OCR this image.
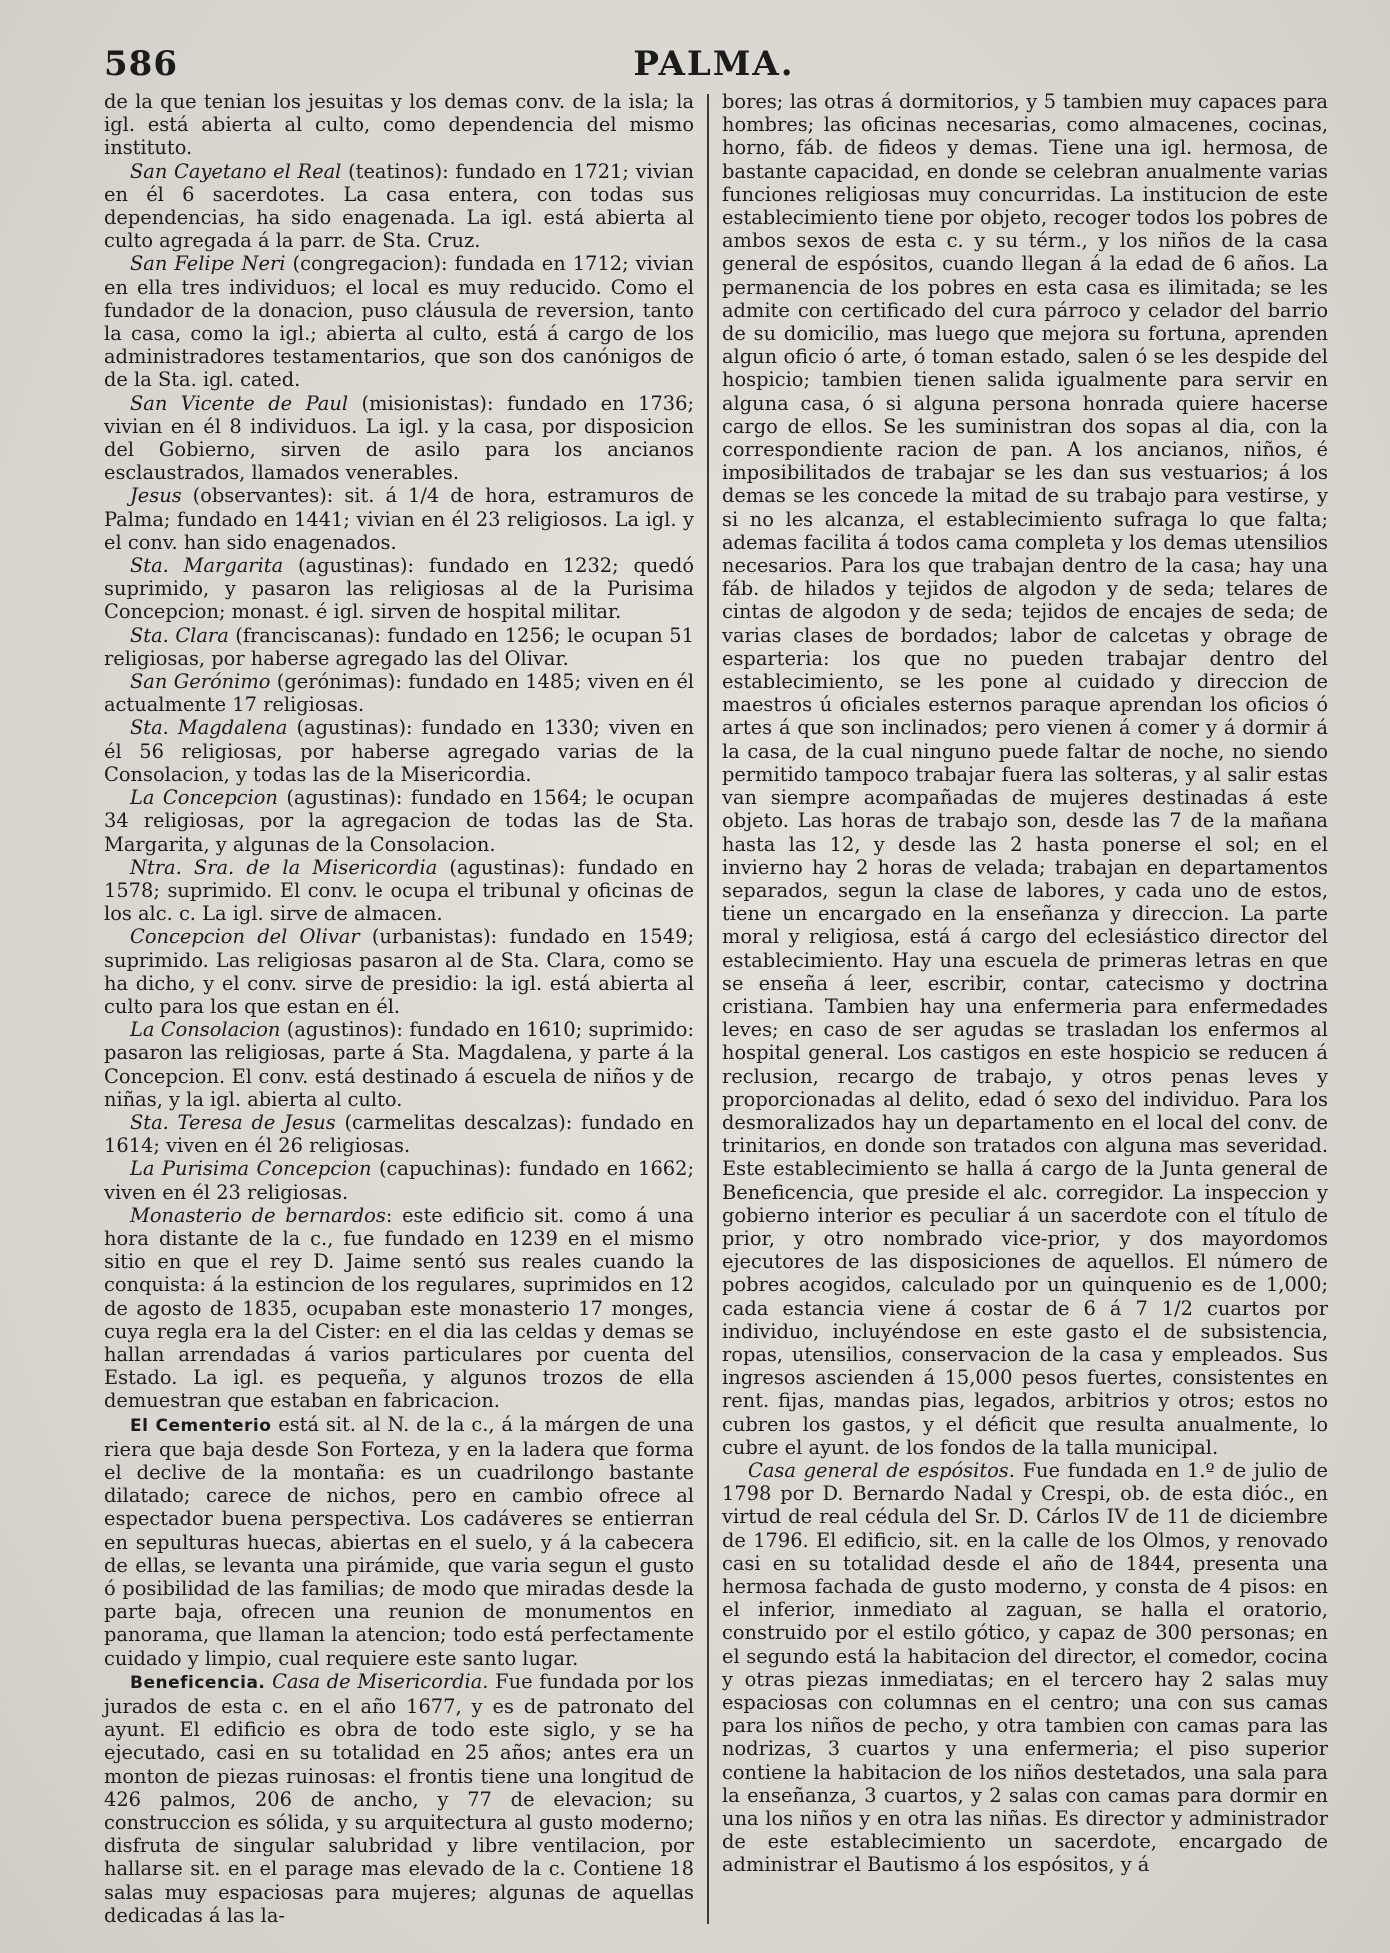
586	PALMA.

de la que tenian los jesuitas y los demas conv. de la isla; la igl. está abierta al culto, como dependencia del mismo instituto.

San Cayetano el Real (teatinos): fundado en 1721; vivian en él 6 sacerdotes. La casa entera, con todas sus dependencias, ha sido enagenada. La igl. está abierta al culto agregada á la parr. de Sta. Cruz.

San Felipe Neri (congregacion): fundada en 1712; vivian en ella tres individuos; el local es muy reducido. Como el fundador de la donacion, puso cláusula de reversion, tanto la casa, como la igl.; abierta al culto, está á cargo de los administradores testamentarios, que son dos canónigos de de la Sta. igl. cated.

San Vicente de Paul (misionistas): fundado en 1736; vivian en él 8 individuos. La igl. y la casa, por disposicion del Gobierno, sirven de asilo para los ancianos esclaustrados, llamados venerables.

Jesus (observantes): sit. á 1/4 de hora, estramuros de Palma; fundado en 1441; vivian en él 23 religiosos. La igl. y el conv. han sido enagenados.

Sta. Margarita (agustinas): fundado en 1232; quedó suprimido, y pasaron las religiosas al de la Purisima Concepcion; monast. é igl. sirven de hospital militar.

Sta. Clara (franciscanas): fundado en 1256; le ocupan 51 religiosas, por haberse agregado las del Olivar.

San Gerónimo (gerónimas): fundado en 1485; viven en él actualmente 17 religiosas.

Sta. Magdalena (agustinas): fundado en 1330; viven en él 56 religiosas, por haberse agregado varias de la Consolacion, y todas las de la Misericordia.

La Concepcion (agustinas): fundado en 1564; le ocupan 34 religiosas, por la agregacion de todas las de Sta. Margarita, y algunas de la Consolacion.

Ntra. Sra. de la Misericordia (agustinas): fundado en 1578; suprimido. El conv. le ocupa el tribunal y oficinas de los alc. c. La igl. sirve de almacen.

Concepcion del Olivar (urbanistas): fundado en 1549; suprimido. Las religiosas pasaron al de Sta. Clara, como se ha dicho, y el conv. sirve de presidio: la igl. está abierta al culto para los que estan en él.

La Consolacion (agustinos): fundado en 1610; suprimido: pasaron las religiosas, parte á Sta. Magdalena, y parte á la Concepcion. El conv. está destinado á escuela de niños y de niñas, y la igl. abierta al culto.

Sta. Teresa de Jesus (carmelitas descalzas): fundado en 1614; viven en él 26 religiosas.

La Purisima Concepcion (capuchinas): fundado en 1662; viven en él 23 religiosas.

Monasterio de bernardos: este edificio sit. como á una hora distante de la c., fue fundado en 1239 en el mismo sitio en que el rey D. Jaime sentó sus reales cuando la conquista: á la estincion de los regulares, suprimidos en 12 de agosto de 1835, ocupaban este monasterio 17 monges, cuya regla era la del Cister: en el dia las celdas y demas se hallan arrendadas á varios particulares por cuenta del Estado. La igl. es pequeña, y algunos trozos de ella demuestran que estaban en fabricacion.

El Cementerio está sit. al N. de la c., á la márgen de una riera que baja desde Son Forteza, y en la ladera que forma el declive de la montaña: es un cuadrilongo bastante dilatado; carece de nichos, pero en cambio ofrece al espectador buena perspectiva. Los cadáveres se entierran en sepulturas huecas, abiertas en el suelo, y á la cabecera de ellas, se levanta una pirámide, que varia segun el gusto ó posibilidad de las familias; de modo que miradas desde la parte baja, ofrecen una reunion de monumentos en panorama, que llaman la atencion; todo está perfectamente cuidado y limpio, cual requiere este santo lugar.

Beneficencia. Casa de Misericordia. Fue fundada por los jurados de esta c. en el año 1677, y es de patronato del ayunt. El edificio es obra de todo este siglo, y se ha ejecutado, casi en su totalidad en 25 años; antes era un monton de piezas ruinosas: el frontis tiene una longitud de 426 palmos, 206 de ancho, y 77 de elevacion; su construccion es sólida, y su arquitectura al gusto moderno; disfruta de singular salubridad y libre ventilacion, por hallarse sit. en el parage mas elevado de la c. Contiene 18 salas muy espaciosas para mujeres; algunas de aquellas dedicadas á las la-

bores; las otras á dormitorios, y 5 tambien muy capaces para hombres; las oficinas necesarias, como almacenes, cocinas, horno, fáb. de fideos y demas. Tiene una igl. hermosa, de bastante capacidad, en donde se celebran anualmente varias funciones religiosas muy concurridas. La institucion de este establecimiento tiene por objeto, recoger todos los pobres de ambos sexos de esta c. y su térm., y los niños de la casa general de espósitos, cuando llegan á la edad de 6 años. La permanencia de los pobres en esta casa es ilimitada; se les admite con certificado del cura párroco y celador del barrio de su domicilio, mas luego que mejora su fortuna, aprenden algun oficio ó arte, ó toman estado, salen ó se les despide del hospicio; tambien tienen salida igualmente para servir en alguna casa, ó si alguna persona honrada quiere hacerse cargo de ellos. Se les suministran dos sopas al dia, con la correspondiente racion de pan. A los ancianos, niños, é imposibilitados de trabajar se les dan sus vestuarios; á los demas se les concede la mitad de su trabajo para vestirse, y si no les alcanza, el establecimiento sufraga lo que falta; ademas facilita á todos cama completa y los demas utensilios necesarios. Para los que trabajan dentro de la casa; hay una fáb. de hilados y tejidos de algodon y de seda; telares de cintas de algodon y de seda; tejidos de encajes de seda; de varias clases de bordados; labor de calcetas y obrage de esparteria: los que no pueden trabajar dentro del establecimiento, se les pone al cuidado y direccion de maestros ú oficiales esternos paraque aprendan los oficios ó artes á que son inclinados; pero vienen á comer y á dormir á la casa, de la cual ninguno puede faltar de noche, no siendo permitido tampoco trabajar fuera las solteras, y al salir estas van siempre acompañadas de mujeres destinadas á este objeto. Las horas de trabajo son, desde las 7 de la mañana hasta las 12, y desde las 2 hasta ponerse el sol; en el invierno hay 2 horas de velada; trabajan en departamentos separados, segun la clase de labores, y cada uno de estos, tiene un encargado en la enseñanza y direccion. La parte moral y religiosa, está á cargo del eclesiástico director del establecimiento. Hay una escuela de primeras letras en que se enseña á leer, escribir, contar, catecismo y doctrina cristiana. Tambien hay una enfermeria para enfermedades leves; en caso de ser agudas se trasladan los enfermos al hospital general. Los castigos en este hospicio se reducen á reclusion, recargo de trabajo, y otros penas leves y proporcionadas al delito, edad ó sexo del individuo. Para los desmoralizados hay un departamento en el local del conv. de trinitarios, en donde son tratados con alguna mas severidad. Este establecimiento se halla á cargo de la Junta general de Beneficencia, que preside el alc. corregidor. La inspeccion y gobierno interior es peculiar á un sacerdote con el título de prior, y otro nombrado vice-prior, y dos mayordomos ejecutores de las disposiciones de aquellos. El número de pobres acogidos, calculado por un quinquenio es de 1,000; cada estancia viene á costar de 6 á 7 1/2 cuartos por individuo, incluyéndose en este gasto el de subsistencia, ropas, utensilios, conservacion de la casa y empleados. Sus ingresos ascienden á 15,000 pesos fuertes, consistentes en rent. fijas, mandas pias, legados, arbitrios y otros; estos no cubren los gastos, y el déficit que resulta anualmente, lo cubre el ayunt. de los fondos de la talla municipal.

Casa general de espósitos. Fue fundada en 1.º de julio de 1798 por D. Bernardo Nadal y Crespi, ob. de esta dióc., en virtud de real cédula del Sr. D. Cárlos IV de 11 de diciembre de 1796. El edificio, sit. en la calle de los Olmos, y renovado casi en su totalidad desde el año de 1844, presenta una hermosa fachada de gusto moderno, y consta de 4 pisos: en el inferior, inmediato al zaguan, se halla el oratorio, construido por el estilo gótico, y capaz de 300 personas; en el segundo está la habitacion del director, el comedor, cocina y otras piezas inmediatas; en el tercero hay 2 salas muy espaciosas con columnas en el centro; una con sus camas para los niños de pecho, y otra tambien con camas para las nodrizas, 3 cuartos y una enfermeria; el piso superior contiene la habitacion de los niños destetados, una sala para la enseñanza, 3 cuartos, y 2 salas con camas para dormir en una los niños y en otra las niñas. Es director y administrador de este establecimiento un sacerdote, encargado de administrar el Bautismo á los espósitos, y á
